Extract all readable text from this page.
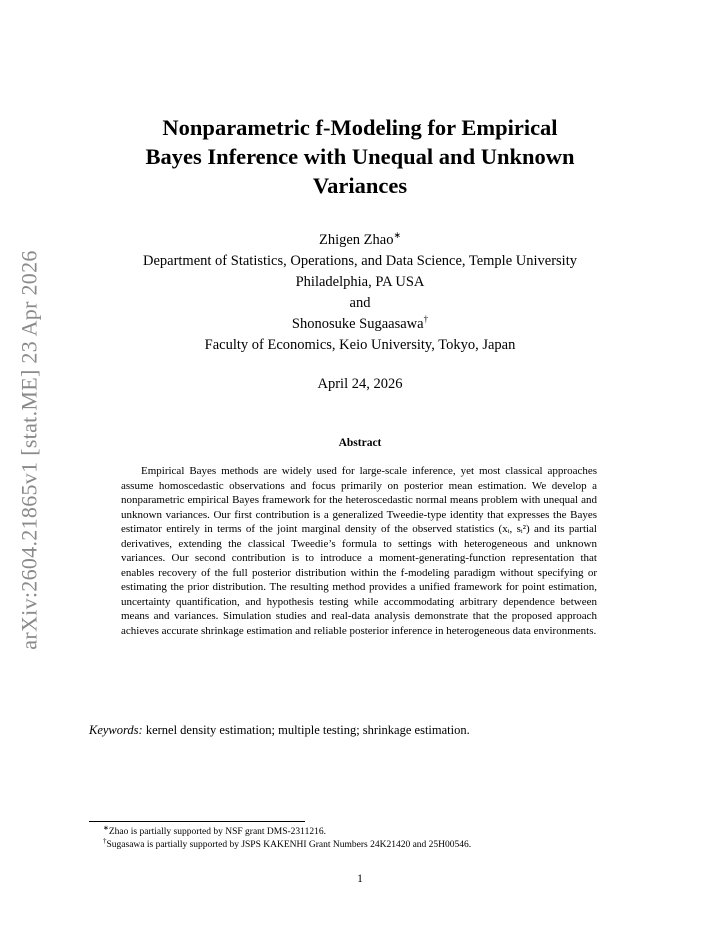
arXiv:2604.21865v1 [stat.ME] 23 Apr 2026
Nonparametric f-Modeling for Empirical
Bayes Inference with Unequal and Unknown
Variances
Zhigen Zhao∗
Department of Statistics, Operations, and Data Science, Temple University
Philadelphia, PA USA
and
Shonosuke Sugaasawa†
Faculty of Economics, Keio University, Tokyo, Japan
April 24, 2026
Abstract
Empirical Bayes methods are widely used for large-scale inference, yet most classical approaches assume homoscedastic observations and focus primarily on posterior mean estimation. We develop a nonparametric empirical Bayes framework for the heteroscedastic normal means problem with unequal and unknown variances. Our first contribution is a generalized Tweedie-type identity that expresses the Bayes estimator entirely in terms of the joint marginal density of the observed statistics (xᵢ, sᵢ²) and its partial derivatives, extending the classical Tweedie’s formula to settings with heterogeneous and unknown variances. Our second contribution is to introduce a moment-generating-function representation that enables recovery of the full posterior distribution within the f-modeling paradigm without specifying or estimating the prior distribution. The resulting method provides a unified framework for point estimation, uncertainty quantification, and hypothesis testing while accommodating arbitrary dependence between means and variances. Simulation studies and real-data analysis demonstrate that the proposed approach achieves accurate shrinkage estimation and reliable posterior inference in heterogeneous data environments.
Keywords: kernel density estimation; multiple testing; shrinkage estimation.
∗Zhao is partially supported by NSF grant DMS-2311216.
†Sugasawa is partially supported by JSPS KAKENHI Grant Numbers 24K21420 and 25H00546.
1
